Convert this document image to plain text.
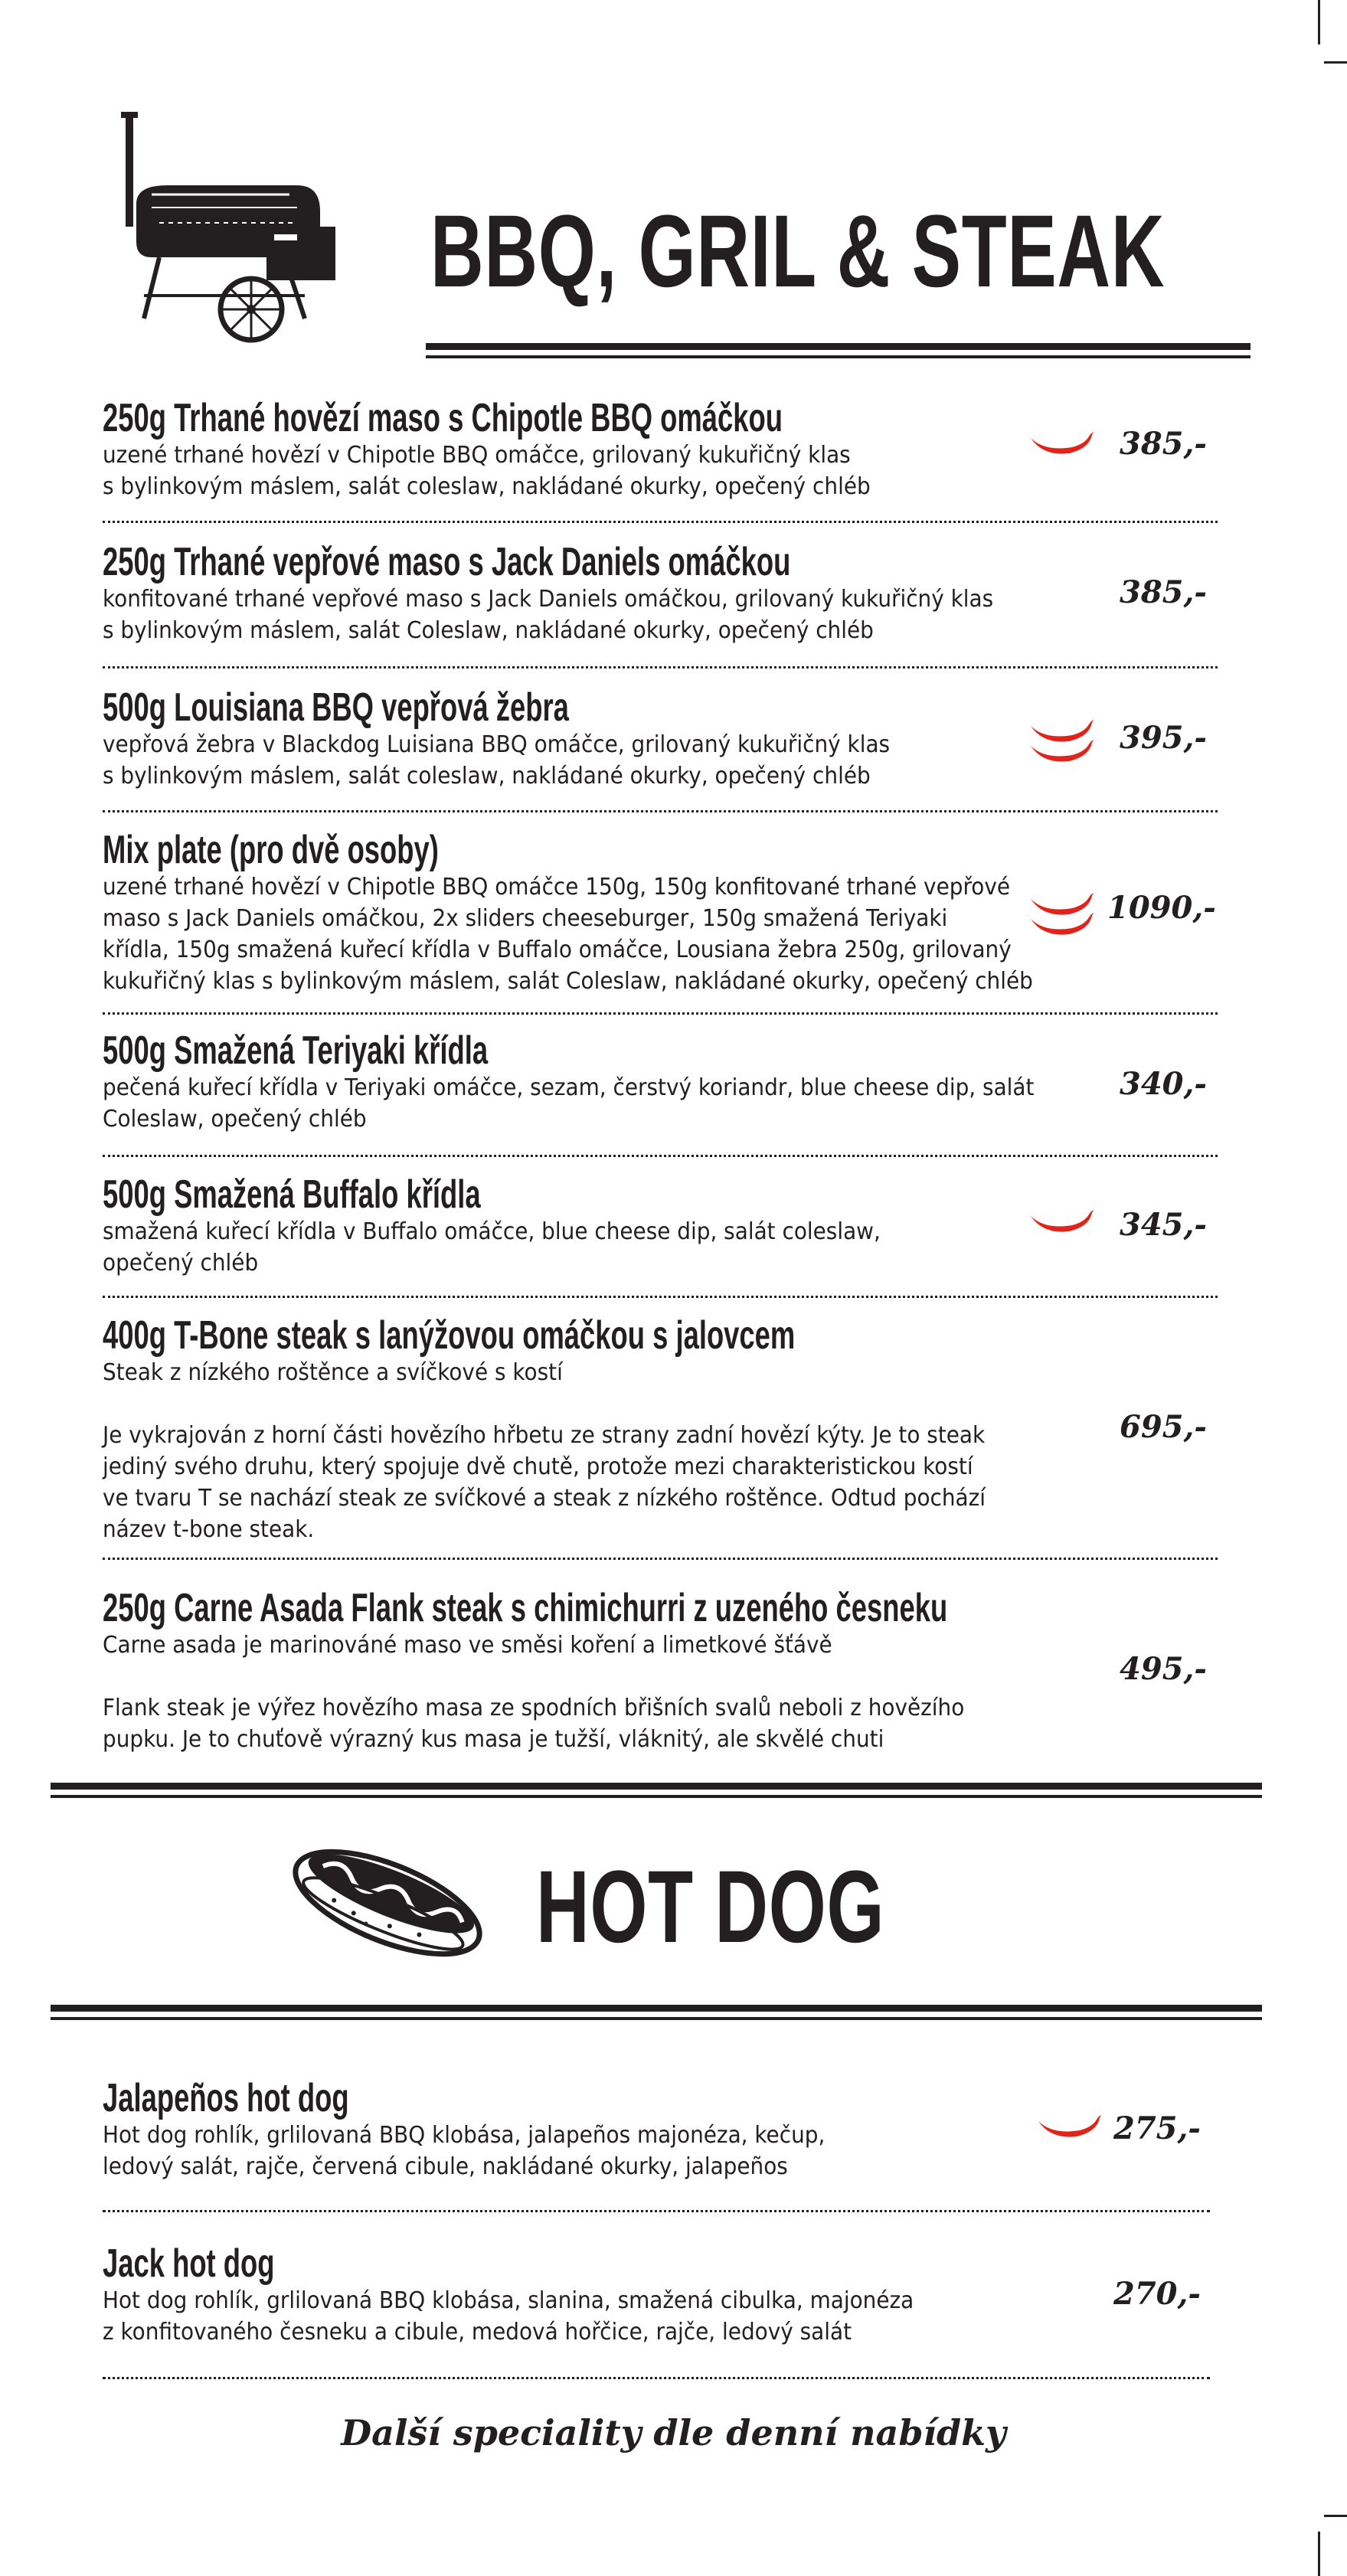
BBQ, GRIL & STEAK
250g Trhané hovězí maso s Chipotle BBQ omáčkou
uzené trhané hovězí v Chipotle BBQ omáčce, grilovaný kukuřičný klas
s bylinkovým máslem, salát coleslaw, nakládané okurky, opečený chléb
385,-
250g Trhané vepřové maso s Jack Daniels omáčkou
konfitované trhané vepřové maso s Jack Daniels omáčkou, grilovaný kukuřičný klas
s bylinkovým máslem, salát Coleslaw, nakládané okurky, opečený chléb
385,-
500g Louisiana BBQ vepřová žebra
vepřová žebra v Blackdog Luisiana BBQ omáčce, grilovaný kukuřičný klas
s bylinkovým máslem, salát coleslaw, nakládané okurky, opečený chléb
395,-
Mix plate (pro dvě osoby)
uzené trhané hovězí v Chipotle BBQ omáčce 150g, 150g konfitované trhané vepřové
maso s Jack Daniels omáčkou, 2x sliders cheeseburger, 150g smažená Teriyaki
křídla, 150g smažená kuřecí křídla v Buffalo omáčce, Lousiana žebra 250g, grilovaný
kukuřičný klas s bylinkovým máslem, salát Coleslaw, nakládané okurky, opečený chléb
1090,-
500g Smažená Teriyaki křídla
pečená kuřecí křídla v Teriyaki omáčce, sezam, čerstvý koriandr, blue cheese dip, salát
Coleslaw, opečený chléb
340,-
500g Smažená Buffalo křídla
smažená kuřecí křídla v Buffalo omáčce, blue cheese dip, salát coleslaw,
opečený chléb
345,-
400g T-Bone steak s lanýžovou omáčkou s jalovcem
Steak z nízkého roštěnce a svíčkové s kostí

Je vykrajován z horní části hovězího hřbetu ze strany zadní hovězí kýty. Je to steak
jediný svého druhu, který spojuje dvě chutě, protože mezi charakteristickou kostí
ve tvaru T se nachází steak ze svíčkové a steak z nízkého roštěnce. Odtud pochází
název t-bone steak.
695,-
250g Carne Asada Flank steak s chimichurri z uzeného česneku
Carne asada je marinováné maso ve směsi koření a limetkové šťávě

Flank steak je výřez hovězího masa ze spodních břišních svalů neboli z hovězího
pupku. Je to chuťově výrazný kus masa je tužší, vláknitý, ale skvělé chuti
495,-
HOT DOG
Jalapeños hot dog
Hot dog rohlík, grlilovaná BBQ klobása, jalapeños majonéza, kečup,
ledový salát, rajče, červená cibule, nakládané okurky, jalapeños
275,-
Jack hot dog
Hot dog rohlík, grlilovaná BBQ klobása, slanina, smažená cibulka, majonéza
z konfitovaného česneku a cibule, medová hořčice, rajče, ledový salát
270,-
Další speciality dle denní nabídky
